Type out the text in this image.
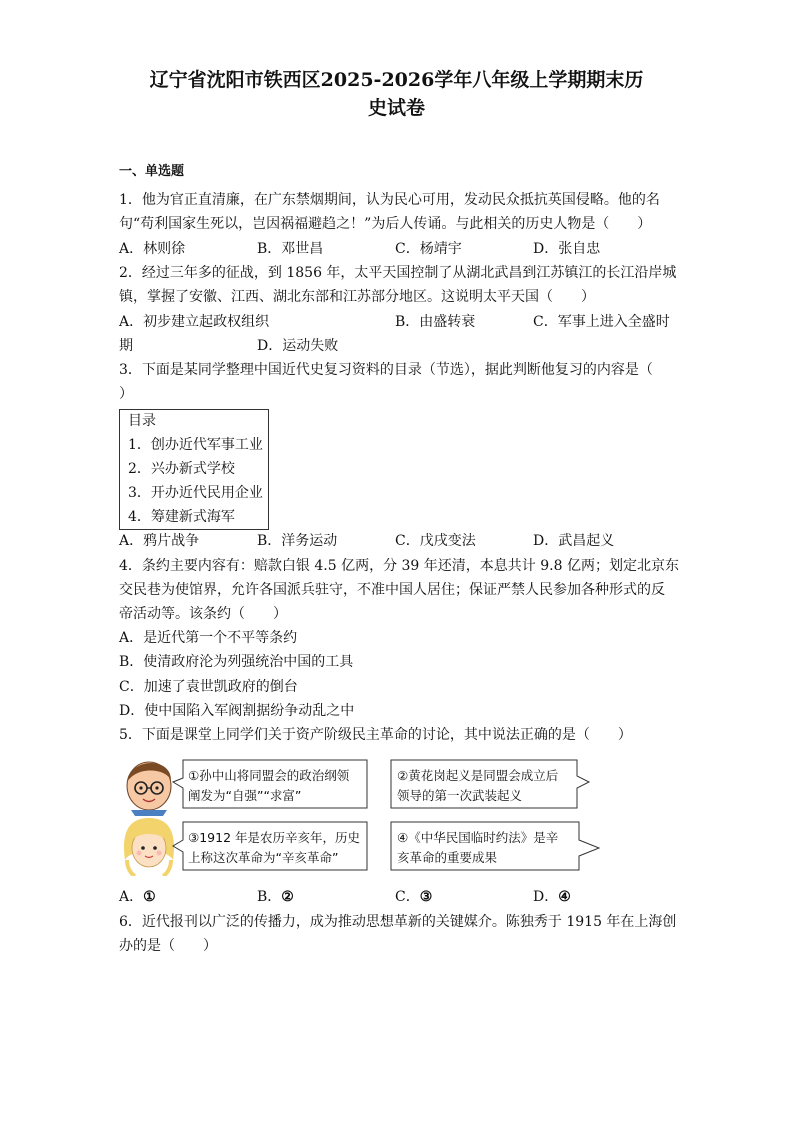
辽宁省沈阳市铁西区2025-2026学年八年级上学期期末历
史试卷
一、单选题
1．他为官正直清廉，在广东禁烟期间，认为民心可用，发动民众抵抗英国侵略。他的名
句“苟利国家生死以，岂因祸福避趋之！”为后人传诵。与此相关的历史人物是（　　）
A．林则徐	B．邓世昌	C．杨靖宇	D．张自忠
2．经过三年多的征战，到 1856 年，太平天国控制了从湖北武昌到江苏镇江的长江沿岸城
镇，掌握了安徽、江西、湖北东部和江苏部分地区。这说明太平天国（　　）
A．初步建立起政权组织	B．由盛转衰	C．军事上进入全盛时
期	D．运动失败
3．下面是某同学整理中国近代史复习资料的目录（节选），据此判断他复习的内容是（
）
目录
1．创办近代军事工业
2．兴办新式学校
3．开办近代民用企业
4．筹建新式海军
A．鸦片战争	B．洋务运动	C．戊戌变法	D．武昌起义
4．条约主要内容有：赔款白银 4.5 亿两，分 39 年还清，本息共计 9.8 亿两；划定北京东
交民巷为使馆界，允许各国派兵驻守，不准中国人居住；保证严禁人民参加各种形式的反
帝活动等。该条约（　　）
A．是近代第一个不平等条约
B．使清政府沦为列强统治中国的工具
C．加速了袁世凯政府的倒台
D．使中国陷入军阀割据纷争动乱之中
5．下面是课堂上同学们关于资产阶级民主革命的讨论，其中说法正确的是（　　）
①孙中山将同盟会的政治纲领
阐发为“自强”“求富”
②黄花岗起义是同盟会成立后
领导的第一次武装起义
③1912 年是农历辛亥年，历史
上称这次革命为“辛亥革命”
④《中华民国临时约法》是辛
亥革命的重要成果
A．①	B．②	C．③	D．④
6．近代报刊以广泛的传播力，成为推动思想革新的关键媒介。陈独秀于 1915 年在上海创
办的是（　　）
